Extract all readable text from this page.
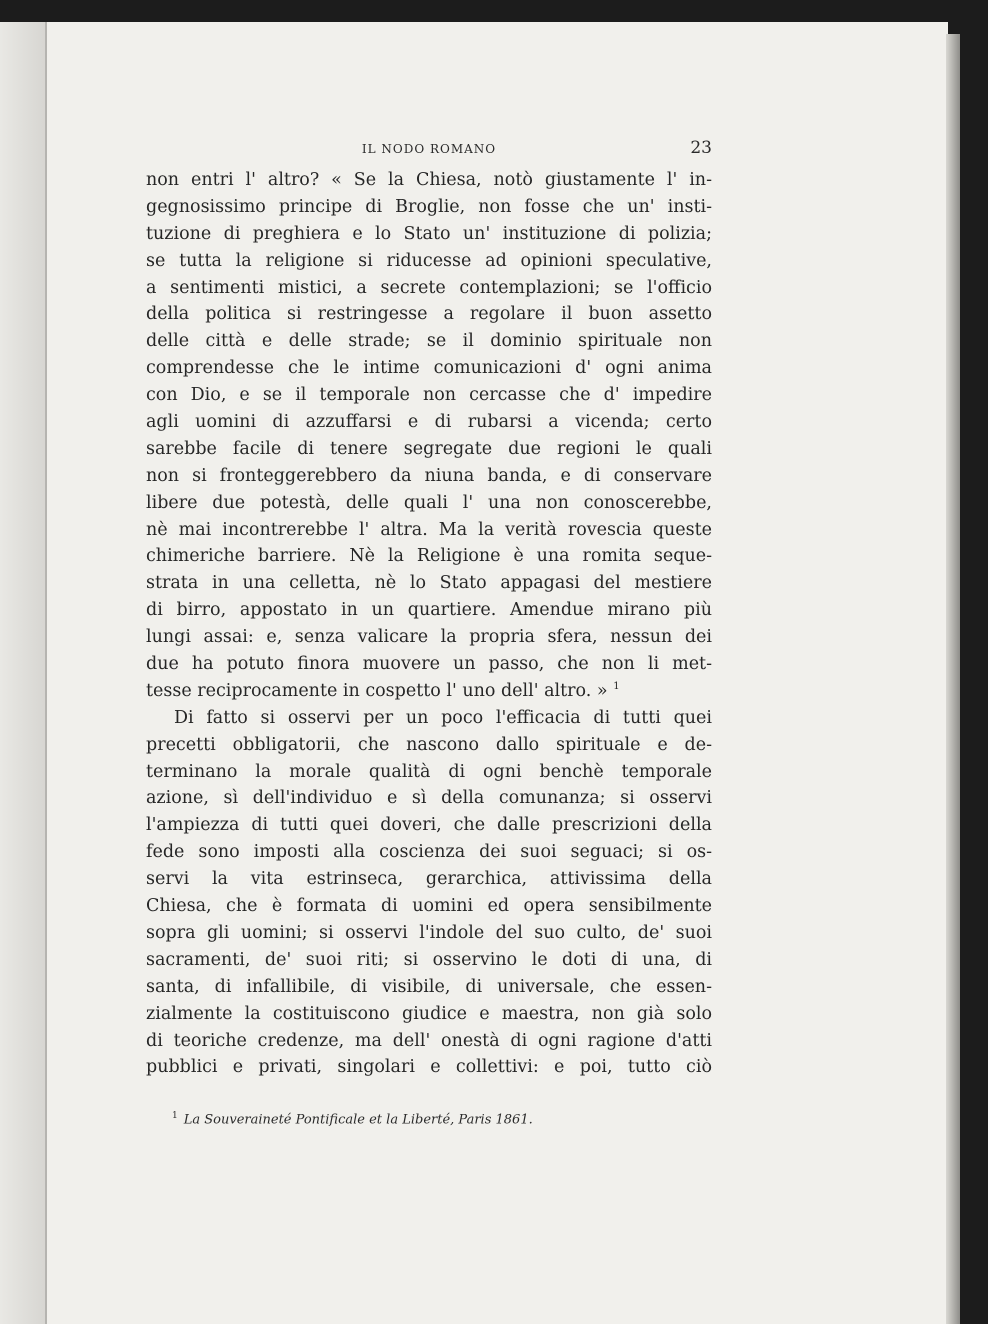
IL NODO ROMANO	23
non entri l' altro? « Se la Chiesa, notò giustamente l' in-
gegnosissimo principe di Broglie, non fosse che un' insti-
tuzione di preghiera e lo Stato un' instituzione di polizia;
se tutta la religione si riducesse ad opinioni speculative,
a sentimenti mistici, a secrete contemplazioni; se l'officio
della politica si restringesse a regolare il buon assetto
delle città e delle strade; se il dominio spirituale non
comprendesse che le intime comunicazioni d' ogni anima
con Dio, e se il temporale non cercasse che d' impedire
agli uomini di azzuffarsi e di rubarsi a vicenda; certo
sarebbe facile di tenere segregate due regioni le quali
non si fronteggerebbero da niuna banda, e di conservare
libere due potestà, delle quali l' una non conoscerebbe,
nè mai incontrerebbe l' altra. Ma la verità rovescia queste
chimeriche barriere. Nè la Religione è una romita seque-
strata in una celletta, nè lo Stato appagasi del mestiere
di birro, appostato in un quartiere. Amendue mirano più
lungi assai: e, senza valicare la propria sfera, nessun dei
due ha potuto finora muovere un passo, che non li met-
tesse reciprocamente in cospetto l' uno dell' altro. » $^1$
Di fatto si osservi per un poco l'efficacia di tutti quei
precetti obbligatorii, che nascono dallo spirituale e de-
terminano la morale qualità di ogni benchè temporale
azione, sì dell'individuo e sì della comunanza; si osservi
l'ampiezza di tutti quei doveri, che dalle prescrizioni della
fede sono imposti alla coscienza dei suoi seguaci; si os-
servi la vita estrinseca, gerarchica, attivissima della
Chiesa, che è formata di uomini ed opera sensibilmente
sopra gli uomini; si osservi l'indole del suo culto, de' suoi
sacramenti, de' suoi riti; si osservino le doti di una, di
santa, di infallibile, di visibile, di universale, che essen-
zialmente la costituiscono giudice e maestra, non già solo
di teoriche credenze, ma dell' onestà di ogni ragione d'atti
pubblici e privati, singolari e collettivi: e poi, tutto ciò
$^1$ La Souveraineté Pontificale et la Liberté, Paris 1861.
